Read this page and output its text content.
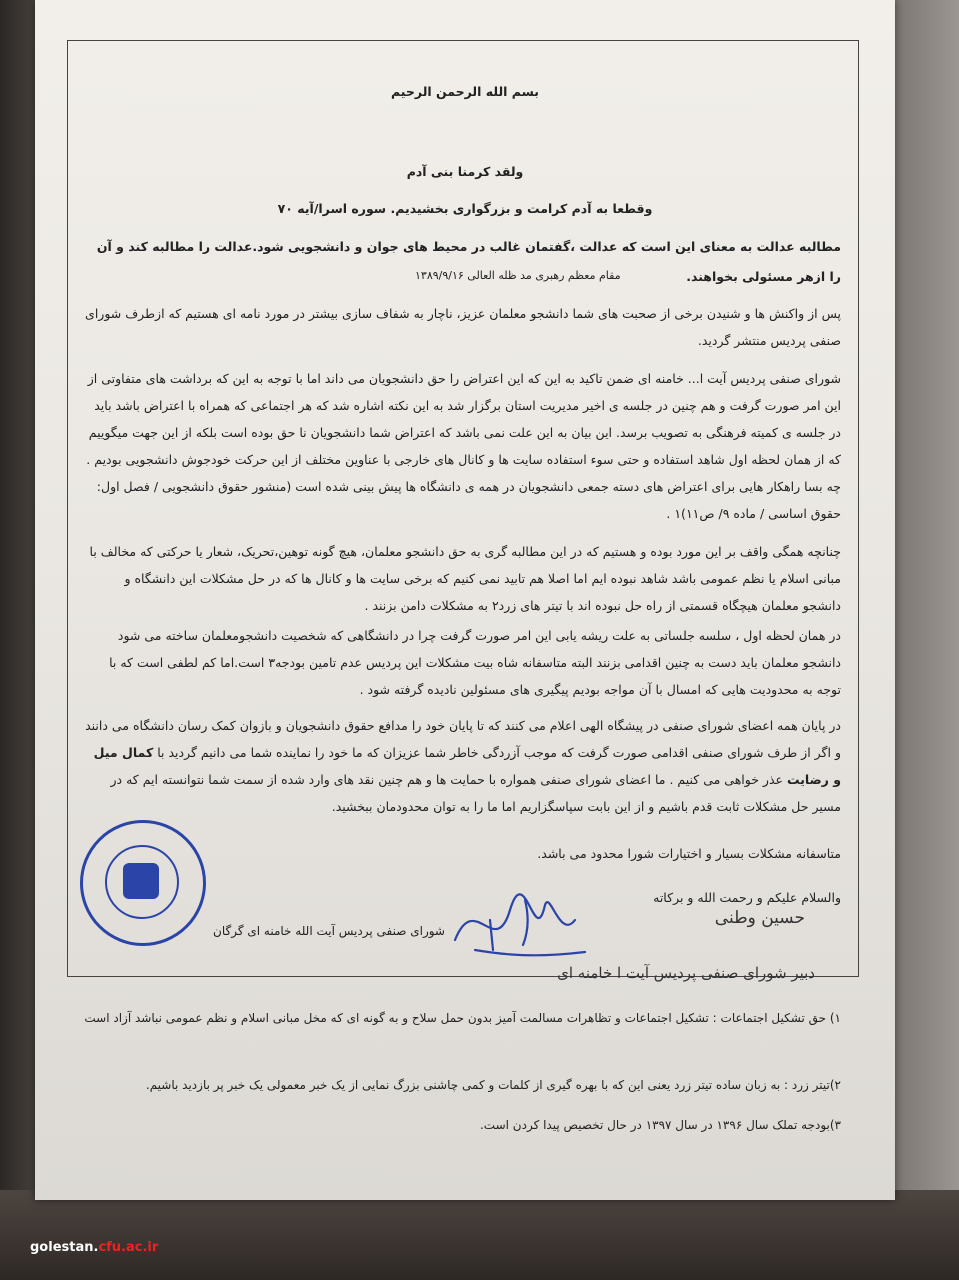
بسم الله الرحمن الرحیم
ولقد کرمنا بنی آدم
وقطعا به آدم کرامت و بزرگواری بخشیدیم. سوره اسرا/آیه ۷۰
مطالبه عدالت به معنای این است که عدالت ،گفتمان غالب در محیط های جوان و دانشجویی شود.عدالت را مطالبه کند و آن را ازهر مسئولی بخواهند.
مقام معظم رهبری مد ظله العالی ۱۳۸۹/۹/۱۶
پس از واکنش ها و شنیدن برخی از صحبت های شما دانشجو معلمان عزیز، ناچار به شفاف سازی بیشتر در مورد نامه ای هستیم که ازطرف شورای صنفی پردیس منتشر گردید.
شورای صنفی پردیس آیت ا... خامنه ای ضمن تاکید به این که این اعتراض را حق دانشجویان می داند اما با توجه به این که برداشت های متفاوتی از این امر صورت گرفت و هم چنین در جلسه ی اخیر مدیریت استان برگزار شد به این نکته اشاره شد که هر اجتماعی که همراه با اعتراض باشد باید در جلسه ی کمیته فرهنگی به تصویب برسد. این بیان به این علت نمی باشد که اعتراض شما دانشجویان نا حق بوده است بلکه از این جهت میگوییم که از همان لحظه اول شاهد استفاده و حتی سوء استفاده سایت ها و کانال های خارجی با عناوین مختلف از این حرکت خودجوش دانشجویی بودیم . چه بسا راهکار هایی برای اعتراض های دسته جمعی دانشجویان در همه ی دانشگاه ها پیش بینی شده است (منشور حقوق دانشجویی / فصل اول: حقوق اساسی / ماده ۹/ ص۱۱)۱ .
چنانچه همگی واقف بر این مورد بوده و هستیم که در این مطالبه گری به حق دانشجو معلمان، هیچ گونه توهین،تحریک، شعار یا حرکتی که مخالف با مبانی اسلام یا نظم عمومی باشد شاهد نبوده ایم اما اصلا هم تابید نمی کنیم که برخی سایت ها و کانال ها که در حل مشکلات این دانشگاه و دانشجو معلمان هیچگاه قسمتی از راه حل نبوده اند با تیتر های زرد۲ به مشکلات دامن بزنند .
در همان لحظه اول ، سلسه جلساتی به علت ریشه یابی این امر صورت گرفت چرا در دانشگاهی که شخصیت دانشجومعلمان ساخته می شود دانشجو معلمان باید دست به چنین اقدامی بزنند البته متاسفانه شاه بیت مشکلات این پردیس عدم تامین بودجه۳ است.اما کم لطفی است که با توجه به محدودیت هایی که امسال با آن مواجه بودیم پیگیری های مسئولین نادیده گرفته شود .
در پایان همه اعضای شورای صنفی در پیشگاه الهی اعلام می کنند که تا پایان خود را مدافع حقوق دانشجویان و بازوان کمک رسان دانشگاه می دانند و اگر از طرف شورای صنفی اقدامی صورت گرفت که موجب آزردگی خاطر شما عزیزان که ما خود را نماینده شما می دانیم گردید با کمال میل و رضایت عذر خواهی می کنیم . ما اعضای شورای صنفی همواره با حمایت ها و هم چنین نقد های وارد شده از سمت شما نتوانسته ایم که در مسیر حل مشکلات ثابت قدم باشیم و از این بابت سپاسگزاریم اما ما را به توان محدودمان ببخشید.
متاسفانه مشکلات بسیار و اختیارات شورا محدود می باشد.
والسلام علیکم و رحمت الله و برکاته
شورای صنفی پردیس آیت الله خامنه ای گرگان
حسین وطنی
دبیر شورای صنفی پردیس آیت ا خامنه ای
۱) حق تشکیل اجتماعات : تشکیل اجتماعات و تظاهرات مسالمت آمیز بدون حمل سلاح و به گونه ای که مخل مبانی اسلام و نظم عمومی نباشد آزاد است
۲)تیتر زرد : به زبان ساده تیتر زرد یعنی این که با بهره گیری از کلمات و کمی چاشنی بزرگ نمایی از یک خبر معمولی یک خبر پر بازدید باشیم.
۳)بودجه تملک سال ۱۳۹۶ در سال ۱۳۹۷ در حال تخصیص پیدا کردن است.
golestan.cfu.ac.ir
